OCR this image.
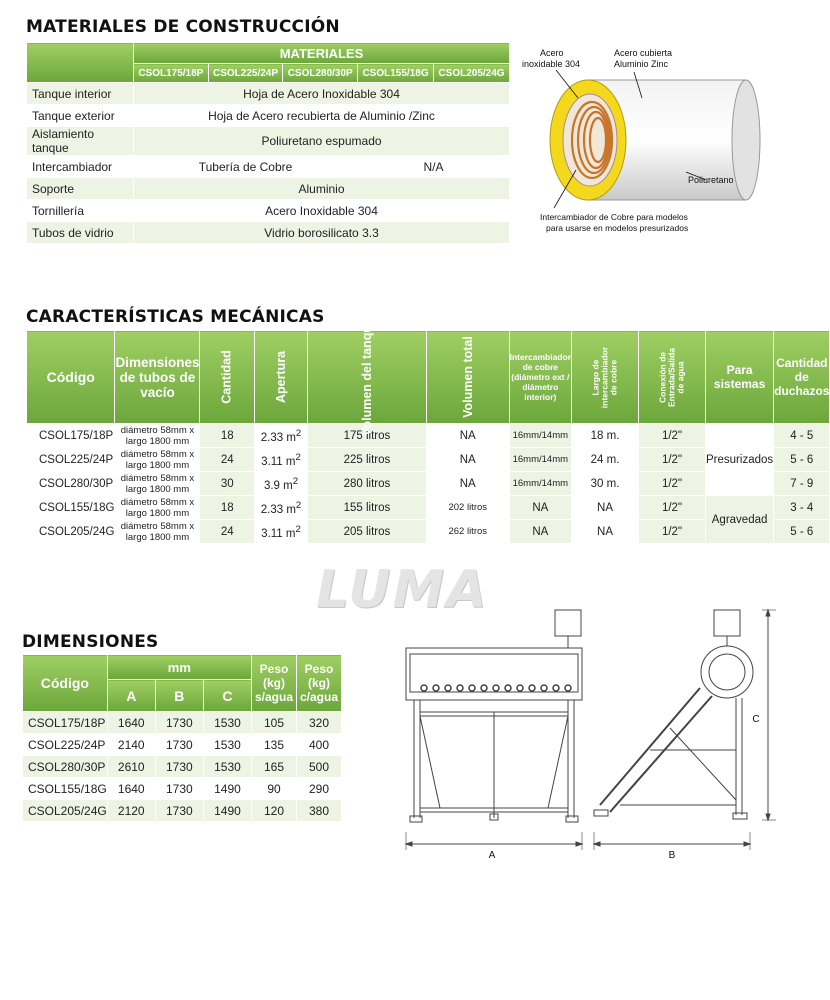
MATERIALES DE CONSTRUCCIÓN
	MATERIALES				
	CSOL175/18P	CSOL225/24P	CSOL280/30P	CSOL155/18G	CSOL205/24G
Tanque interior	Hoja de Acero Inoxidable 304				
Tanque exterior	Hoja de Acero recubierta de Aluminio /Zinc				
Aislamiento tanque	Poliuretano espumado				
Intercambiador	Tubería de Cobre			N/A	
Soporte	Aluminio				
Tornillería	Acero Inoxidable 304				
Tubos de vidrio	Vidrio borosilicato 3.3				
Acero inoxidable 304
Acero cubierta Aluminio Zinc
Poliuretano
Intercambiador de Cobre para modelos para usarse en modelos presurizados
CARACTERÍSTICAS MECÁNICAS
Código	Dimensiones de tubos de vacío	Cantidad	Apertura	Volumen del tanque	Volumen total	Intercambiador de cobre (diámetro ext / diámetro interior)	Largo de intercambiador de cobre	Conexión de Entrada/Salida de agua	Para sistemas	Cantidad de duchazos
CSOL175/18P	diámetro 58mm x largo 1800 mm	18	2.33 $m^2$	175 litros	NA	16mm/14mm	18 m.	1/2"	Presurizados	4 - 5
CSOL225/24P	diámetro 58mm x largo 1800 mm	24	3.11 $m^2$	225 litros	NA	16mm/14mm	24 m.	1/2"		5 - 6
CSOL280/30P	diámetro 58mm x largo 1800 mm	30	3.9 $m^2$	280 litros	NA	16mm/14mm	30 m.	1/2"		7 - 9
CSOL155/18G	diámetro 58mm x largo 1800 mm	18	2.33 $m^2$	155 litros	202 litros	NA	NA	1/2"	Agravedad	3 - 4
CSOL205/24G	diámetro 58mm x largo 1800 mm	24	3.11 $m^2$	205 litros	262 litros	NA	NA	1/2"		5 - 6
LUMA
DIMENSIONES
Código	mm			Peso (kg) s/agua	Peso (kg) c/agua
	A	B	C		
CSOL175/18P	1640	1730	1530	105	320
CSOL225/24P	2140	1730	1530	135	400
CSOL280/30P	2610	1730	1530	165	500
CSOL155/18G	1640	1730	1490	90	290
CSOL205/24G	2120	1730	1490	120	380
A	B
C
